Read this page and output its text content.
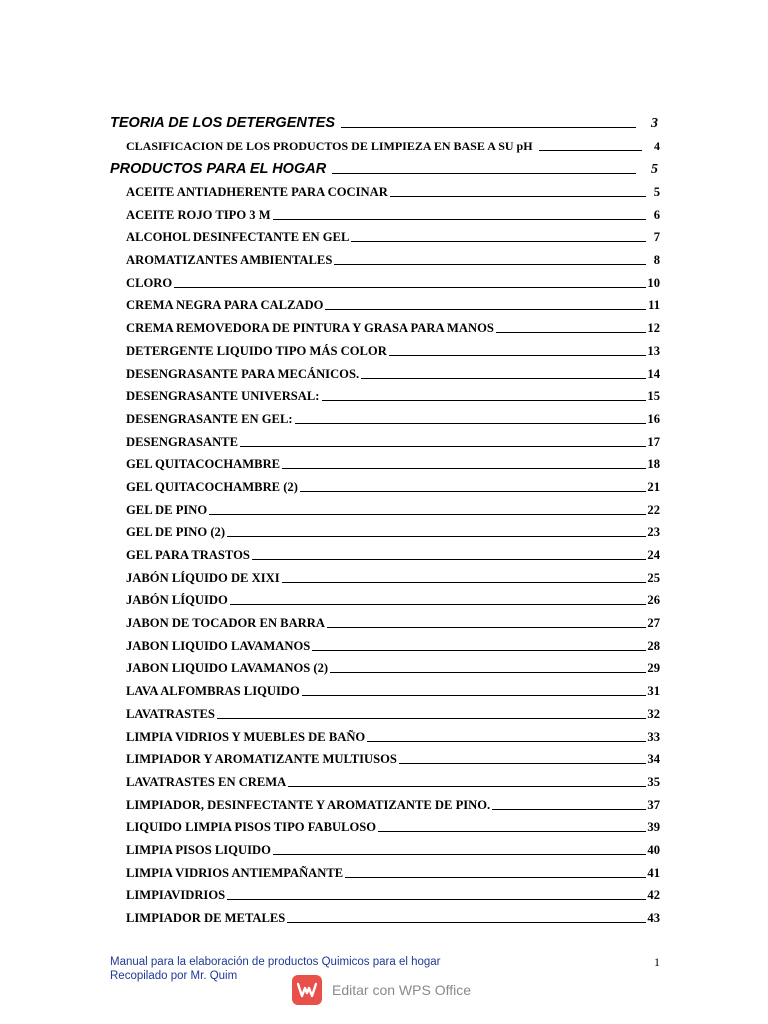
TEORIA DE LOS DETERGENTES	3
CLASIFICACION DE LOS PRODUCTOS DE LIMPIEZA EN BASE A SU pH	4
PRODUCTOS PARA EL HOGAR	5
ACEITE ANTIADHERENTE PARA COCINAR	5
ACEITE ROJO TIPO 3 M	6
ALCOHOL DESINFECTANTE EN GEL	7
AROMATIZANTES AMBIENTALES	8
CLORO	10
CREMA NEGRA PARA CALZADO	11
CREMA REMOVEDORA DE PINTURA Y GRASA PARA MANOS	12
DETERGENTE LIQUIDO TIPO MÁS COLOR	13
DESENGRASANTE PARA MECÁNICOS.	14
DESENGRASANTE UNIVERSAL:	15
DESENGRASANTE EN GEL:	16
DESENGRASANTE	17
GEL QUITACOCHAMBRE	18
GEL QUITACOCHAMBRE (2)	21
GEL DE PINO	22
GEL DE PINO (2)	23
GEL PARA TRASTOS	24
JABÓN LÍQUIDO DE XIXI	25
JABÓN LÍQUIDO	26
JABON DE TOCADOR EN BARRA	27
JABON LIQUIDO LAVAMANOS	28
JABON LIQUIDO LAVAMANOS (2)	29
LAVA ALFOMBRAS LIQUIDO	31
LAVATRASTES	32
LIMPIA VIDRIOS Y MUEBLES DE BAÑO	33
LIMPIADOR Y AROMATIZANTE MULTIUSOS	34
LAVATRASTES EN CREMA	35
LIMPIADOR, DESINFECTANTE Y AROMATIZANTE DE PINO.	37
LIQUIDO LIMPIA PISOS TIPO FABULOSO	39
LIMPIA PISOS LIQUIDO	40
LIMPIA VIDRIOS ANTIEMPAÑANTE	41
LIMPIAVIDRIOS	42
LIMPIADOR DE METALES	43
Manual para la elaboración de productos Quimicos para el hogar
Recopilado por Mr. Quim
1
Editar con WPS Office
